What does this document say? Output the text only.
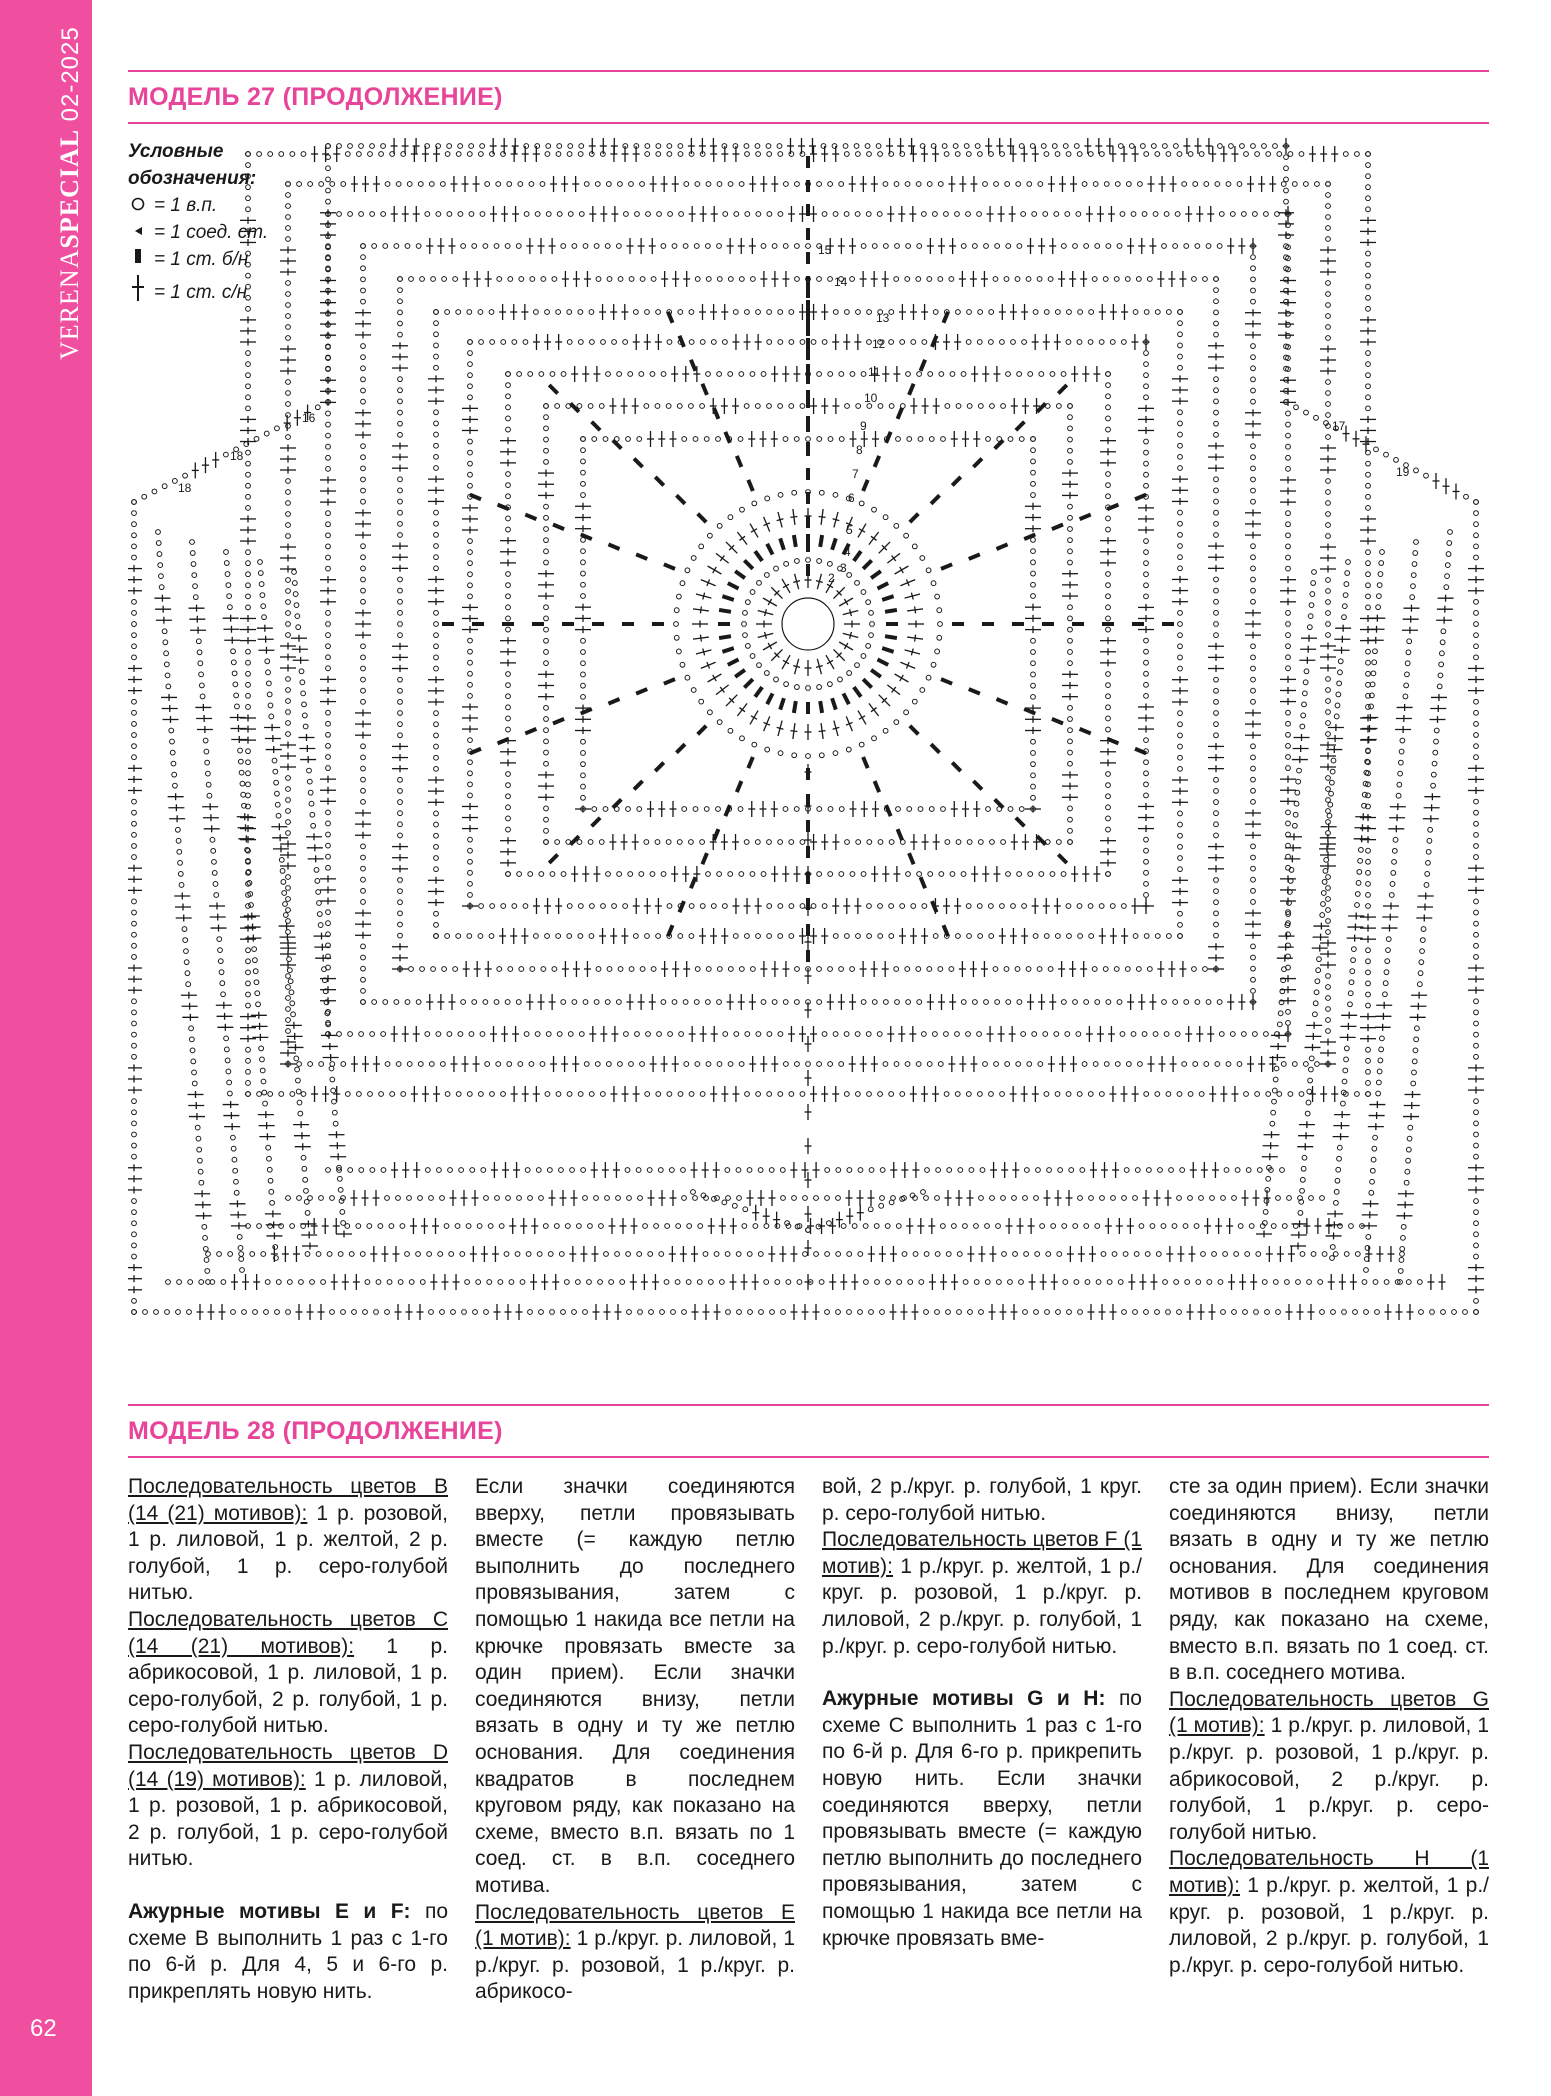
VERENASPECIAL 02-2025
62
МОДЕЛЬ 27 (ПРОДОЛЖЕНИЕ)
2
3
4
5
6
7
8
9
10
11
12
13
14
15
16
17
18
19
18
Условные
обозначения:
= 1 в.п.
= 1 соед. ст.
= 1 ст. б/н
= 1 ст. с/н
МОДЕЛЬ 28 (ПРОДОЛЖЕНИЕ)

Последовательность цветов B (14 (21) мотивов): 1 р. розовой, 1 р. лиловой, 1 р. желтой, 2 р. голубой, 1 р. серо-голубой нитью.

Последовательность цветов C (14 (21) мотивов): 1 р. абрикосовой, 1 р. лиловой, 1 р. серо-голубой, 2 р. голубой, 1 р. серо-голубой нитью.

Последовательность цветов D (14 (19) мотивов): 1 р. лиловой, 1 р. розовой, 1 р. абрикосовой, 2 р. голубой, 1 р. серо-голубой нитью.

Ажурные мотивы E и F: по схеме B выполнить 1 раз с 1-го по 6-й р. Для 4, 5 и 6-го р. прикреплять новую нить.

Если значки соединяются вверху, петли провязывать вместе (= каждую петлю выполнить до последнего провязывания, затем с помощью 1 накида все петли на крючке провязать вместе за один прием). Если значки соединяются внизу, петли вязать в одну и ту же петлю основания. Для соединения квадратов в последнем круговом ряду, как показано на схеме, вместо в.п. вязать по 1 соед. ст. в в.п. соседнего мотива.

Последовательность цветов E (1 мотив): 1 р./круг. р. лиловой, 1 р./круг. р. розовой, 1 р./круг. р. абрикосо-

вой, 2 р./круг. р. голубой, 1 круг. р. серо-голубой нитью.

Последовательность цветов F (1 мотив): 1 р./круг. р. желтой, 1 р./круг. р. розовой, 1 р./круг. р. лиловой, 2 р./круг. р. голубой, 1 р./круг. р. серо-голубой нитью.

Ажурные мотивы G и H: по схеме C выполнить 1 раз с 1-го по 6-й р. Для 6-го р. прикрепить новую нить. Если значки соединяются вверху, петли провязывать вместе (= каждую петлю выполнить до последнего провязывания, затем с помощью 1 накида все петли на крючке провязать вме-

сте за один прием). Если значки соединяются внизу, петли вязать в одну и ту же петлю основания. Для соединения мотивов в последнем круговом ряду, как показано на схеме, вместо в.п. вязать по 1 соед. ст. в в.п. соседнего мотива.

Последовательность цветов G (1 мотив): 1 р./круг. р. лиловой, 1 р./круг. р. розовой, 1 р./круг. р. абрикосовой, 2 р./круг. р. голубой, 1 р./круг. р. серо-голубой нитью.

Последовательность H (1 мотив): 1 р./круг. р. желтой, 1 р./круг. р. розовой, 1 р./круг. р. лиловой, 2 р./круг. р. голубой, 1 р./круг. р. серо-голубой нитью.
